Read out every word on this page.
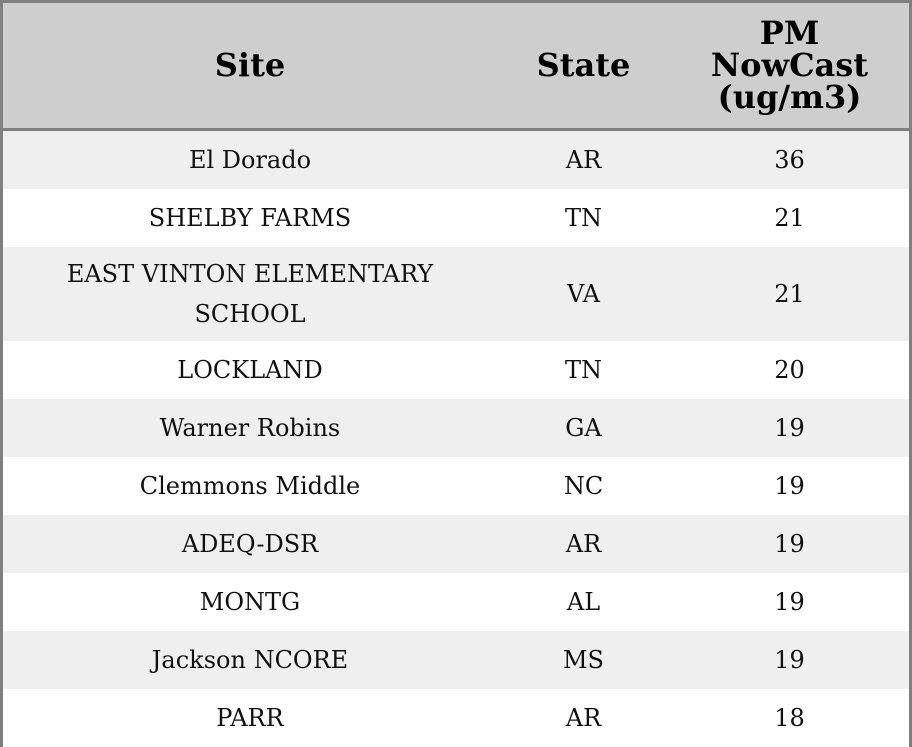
Site	State	PM NowCast (ug/m3)
El Dorado	AR	36
SHELBY FARMS	TN	21
EAST VINTON ELEMENTARY SCHOOL	VA	21
LOCKLAND	TN	20
Warner Robins	GA	19
Clemmons Middle	NC	19
ADEQ-DSR	AR	19
MONTG	AL	19
Jackson NCORE	MS	19
PARR	AR	18
